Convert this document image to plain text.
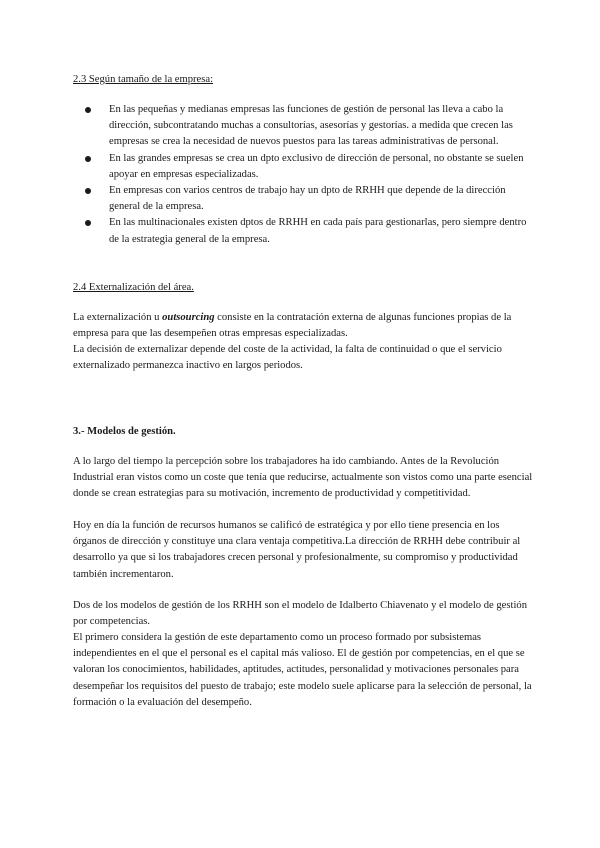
2.3 Según tamaño de la empresa:
En las pequeñas y medianas empresas las funciones de gestión de personal las lleva a cabo la dirección, subcontratando muchas a consultorías, asesorías y gestorías. a medida que crecen las empresas se crea la necesidad de nuevos puestos para las tareas administrativas de personal.
En las grandes empresas se crea un dpto exclusivo de dirección de personal, no obstante se suelen apoyar en empresas especializadas.
En empresas con varios centros de trabajo hay un dpto de RRHH que depende de la dirección general de la empresa.
En las multinacionales existen dptos de RRHH en cada país para gestionarlas, pero siempre dentro de la estrategia general de la empresa.
2.4 Externalización del área.

La externalización u outsourcing consiste en la contratación externa de algunas funciones propias de la empresa para que las desempeñen otras empresas especializadas.

La decisión de externalizar depende del coste de la actividad, la falta de continuidad o que el servicio externalizado permanezca inactivo en largos periodos.

3.- Modelos de gestión.

A lo largo del tiempo la percepción sobre los trabajadores ha ido cambiando. Antes de la Revolución Industrial eran vistos como un coste que tenía que reducirse, actualmente son vistos como una parte esencial donde se crean estrategias para su motivación, incremento de productividad y competitividad.

Hoy en día la función de recursos humanos se calificó de estratégica y por ello tiene presencia en los órganos de dirección y constituye una clara ventaja competitiva.La dirección de RRHH debe contribuir al desarrollo ya que si los trabajadores crecen personal y profesionalmente, su compromiso y productividad también incrementaron.

Dos de los modelos de gestión de los RRHH son el modelo de Idalberto Chiavenato y el modelo de gestión por competencias.

El primero considera la gestión de este departamento como un proceso formado por subsistemas independientes en el que el personal es el capital más valioso. El de gestión por competencias, en el que se valoran los conocimientos, habilidades, aptitudes, actitudes, personalidad y motivaciones personales para desempeñar los requisitos del puesto de trabajo; este modelo suele aplicarse para la selección de personal, la formación o la evaluación del desempeño.
